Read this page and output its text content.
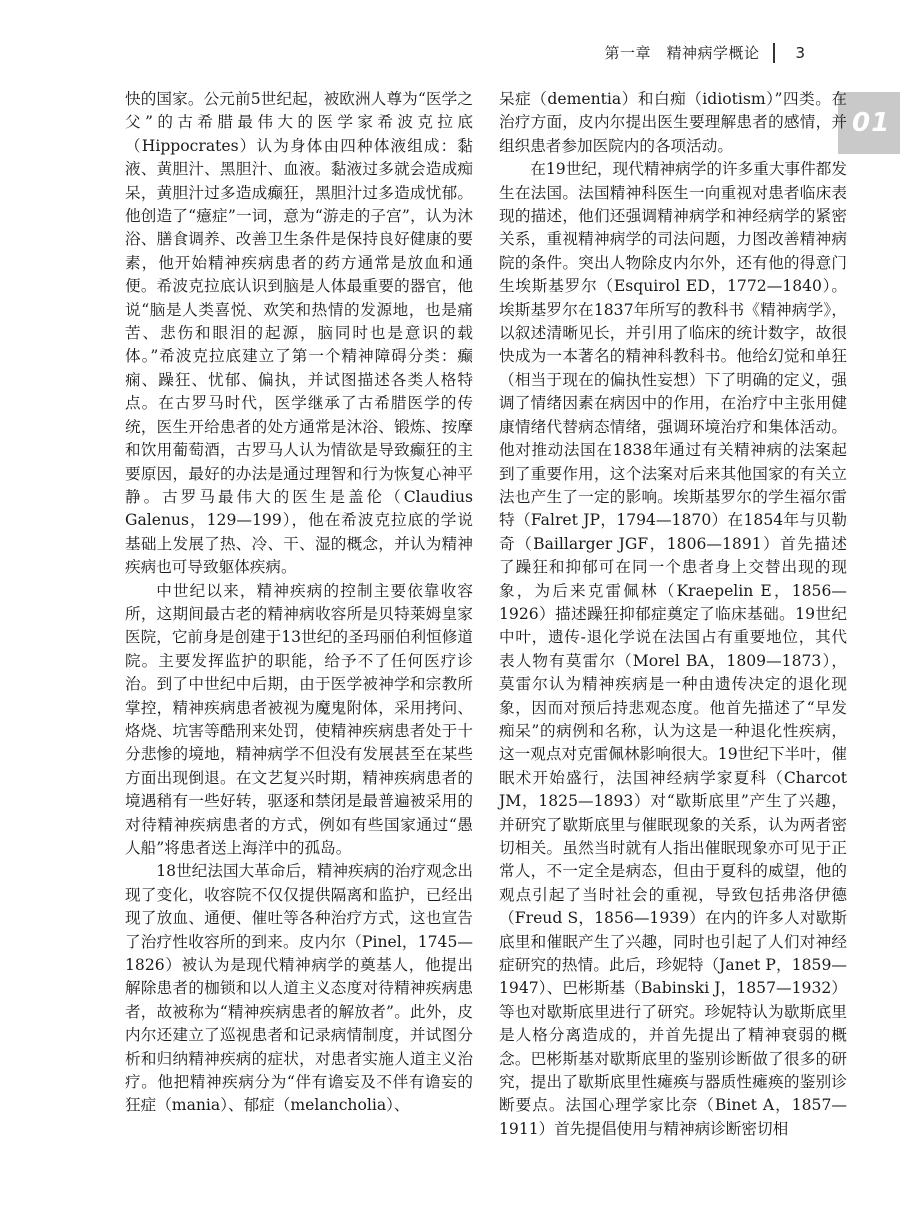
第一章　精神病学概论 3
01

快的国家。公元前5世纪起，被欧洲人尊为“医学之父”的古希腊最伟大的医学家希波克拉底（Hippocrates）认为身体由四种体液组成：黏液、黄胆汁、黑胆汁、血液。黏液过多就会造成痴呆，黄胆汁过多造成癫狂，黑胆汁过多造成忧郁。他创造了“癔症”一词，意为“游走的子宫”，认为沐浴、膳食调养、改善卫生条件是保持良好健康的要素，他开始精神疾病患者的药方通常是放血和通便。希波克拉底认识到脑是人体最重要的器官，他说“脑是人类喜悦、欢笑和热情的发源地，也是痛苦、悲伤和眼泪的起源，脑同时也是意识的载体。”希波克拉底建立了第一个精神障碍分类：癫痫、躁狂、忧郁、偏执，并试图描述各类人格特点。在古罗马时代，医学继承了古希腊医学的传统，医生开给患者的处方通常是沐浴、锻炼、按摩和饮用葡萄酒，古罗马人认为情欲是导致癫狂的主要原因，最好的办法是通过理智和行为恢复心神平静。古罗马最伟大的医生是盖伦（Claudius Galenus，129—199），他在希波克拉底的学说基础上发展了热、冷、干、湿的概念，并认为精神疾病也可导致躯体疾病。

中世纪以来，精神疾病的控制主要依靠收容所，这期间最古老的精神病收容所是贝特莱姆皇家医院，它前身是创建于13世纪的圣玛丽伯利恒修道院。主要发挥监护的职能，给予不了任何医疗诊治。到了中世纪中后期，由于医学被神学和宗教所掌控，精神疾病患者被视为魔鬼附体，采用拷问、烙烧、坑害等酷刑来处罚，使精神疾病患者处于十分悲惨的境地，精神病学不但没有发展甚至在某些方面出现倒退。在文艺复兴时期，精神疾病患者的境遇稍有一些好转，驱逐和禁闭是最普遍被采用的对待精神疾病患者的方式，例如有些国家通过“愚人船”将患者送上海洋中的孤岛。

18世纪法国大革命后，精神疾病的治疗观念出现了变化，收容院不仅仅提供隔离和监护，已经出现了放血、通便、催吐等各种治疗方式，这也宣告了治疗性收容所的到来。皮内尔（Pinel，1745—1826）被认为是现代精神病学的奠基人，他提出解除患者的枷锁和以人道主义态度对待精神疾病患者，故被称为“精神疾病患者的解放者”。此外，皮内尔还建立了巡视患者和记录病情制度，并试图分析和归纳精神疾病的症状，对患者实施人道主义治疗。他把精神疾病分为“伴有谵妄及不伴有谵妄的狂症（mania）、郁症（melancholia）、

呆症（dementia）和白痴（idiotism）”四类。在治疗方面，皮内尔提出医生要理解患者的感情，并组织患者参加医院内的各项活动。

在19世纪，现代精神病学的许多重大事件都发生在法国。法国精神科医生一向重视对患者临床表现的描述，他们还强调精神病学和神经病学的紧密关系，重视精神病学的司法问题，力图改善精神病院的条件。突出人物除皮内尔外，还有他的得意门生埃斯基罗尔（Esquirol ED，1772—1840）。埃斯基罗尔在1837年所写的教科书《精神病学》，以叙述清晰见长，并引用了临床的统计数字，故很快成为一本著名的精神科教科书。他给幻觉和单狂（相当于现在的偏执性妄想）下了明确的定义，强调了情绪因素在病因中的作用，在治疗中主张用健康情绪代替病态情绪，强调环境治疗和集体活动。他对推动法国在1838年通过有关精神病的法案起到了重要作用，这个法案对后来其他国家的有关立法也产生了一定的影响。埃斯基罗尔的学生福尔雷特（Falret JP，1794—1870）在1854年与贝勒奇（Baillarger JGF，1806—1891）首先描述了躁狂和抑郁可在同一个患者身上交替出现的现象，为后来克雷佩林（Kraepelin E，1856—1926）描述躁狂抑郁症奠定了临床基础。19世纪中叶，遗传-退化学说在法国占有重要地位，其代表人物有莫雷尔（Morel BA，1809—1873），莫雷尔认为精神疾病是一种由遗传决定的退化现象，因而对预后持悲观态度。他首先描述了“早发痴呆”的病例和名称，认为这是一种退化性疾病，这一观点对克雷佩林影响很大。19世纪下半叶，催眠术开始盛行，法国神经病学家夏科（Charcot JM，1825—1893）对“歇斯底里”产生了兴趣，并研究了歇斯底里与催眠现象的关系，认为两者密切相关。虽然当时就有人指出催眠现象亦可见于正常人，不一定全是病态，但由于夏科的威望，他的观点引起了当时社会的重视，导致包括弗洛伊德（Freud S，1856—1939）在内的许多人对歇斯底里和催眠产生了兴趣，同时也引起了人们对神经症研究的热情。此后，珍妮特（Janet P，1859—1947）、巴彬斯基（Babinski J，1857—1932）等也对歇斯底里进行了研究。珍妮特认为歇斯底里是人格分离造成的，并首先提出了精神衰弱的概念。巴彬斯基对歇斯底里的鉴别诊断做了很多的研究，提出了歇斯底里性瘫痪与器质性瘫痪的鉴别诊断要点。法国心理学家比奈（Binet A，1857—1911）首先提倡使用与精神病诊断密切相
